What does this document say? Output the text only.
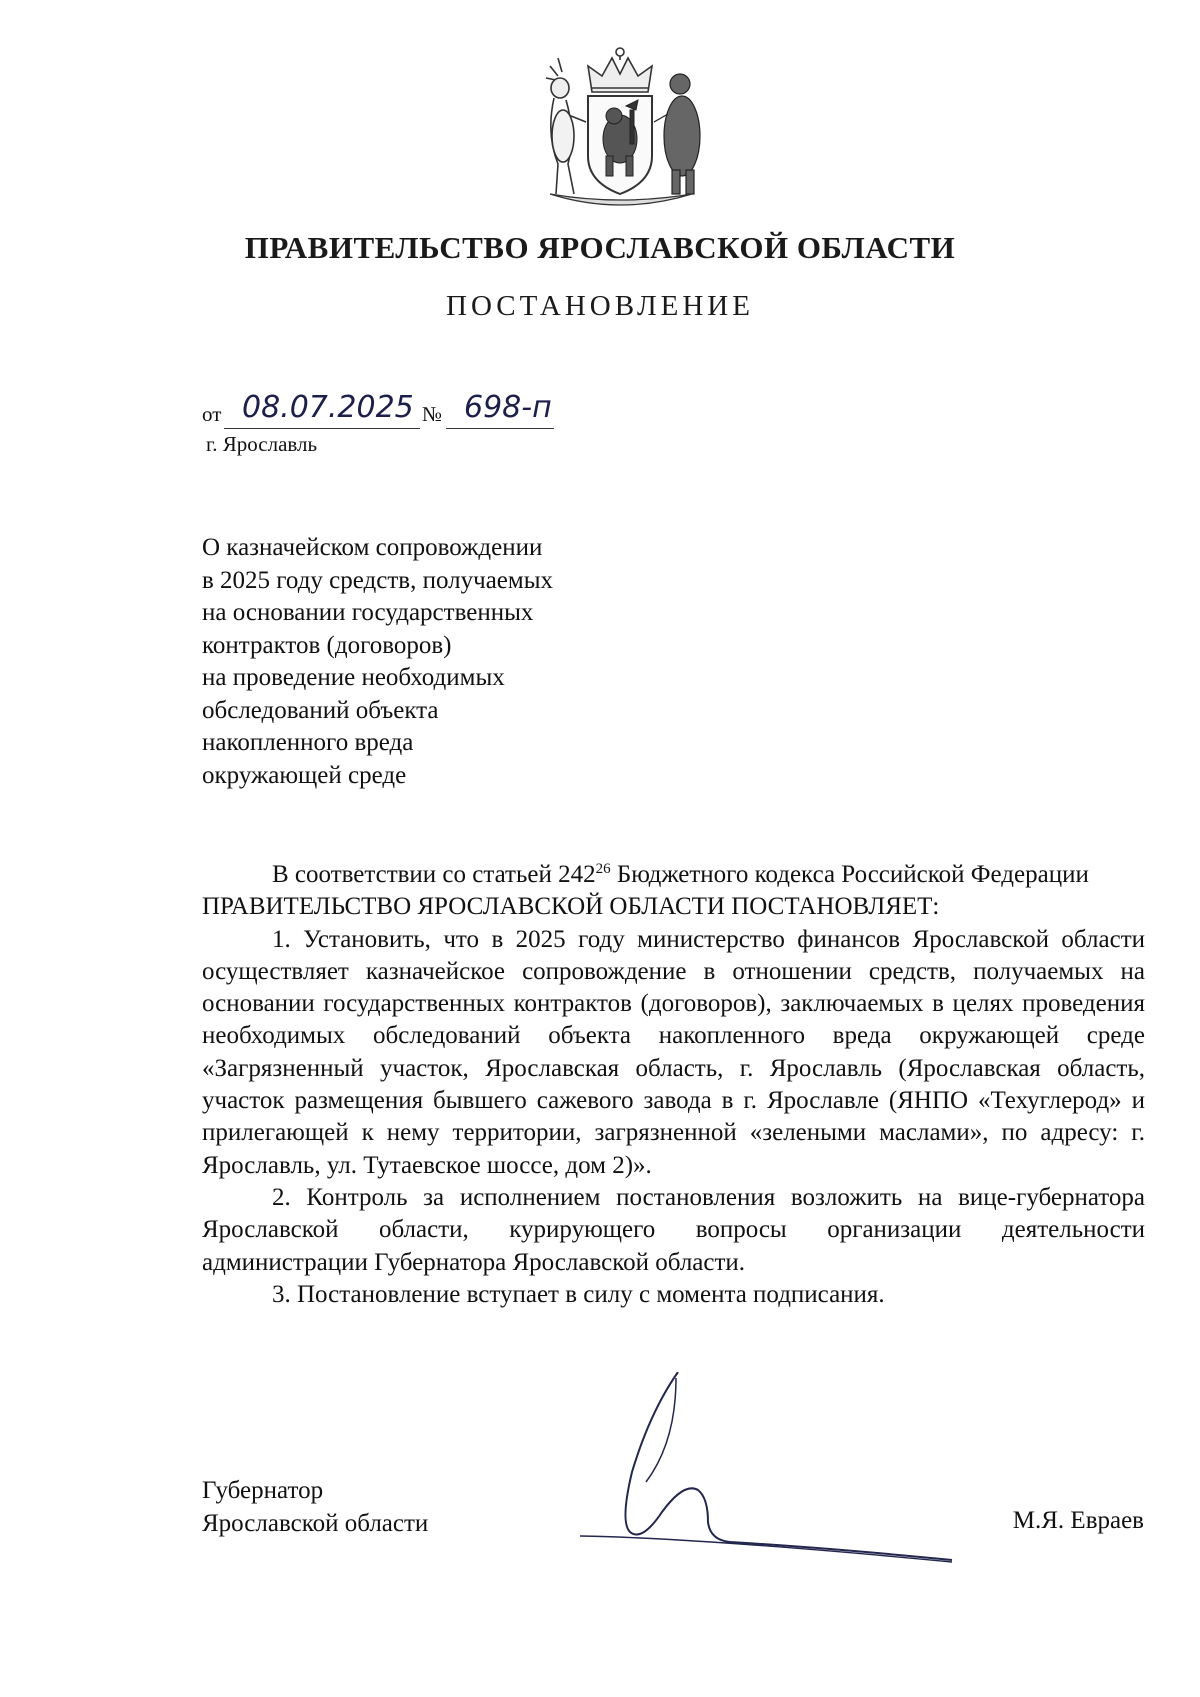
ПРАВИТЕЛЬСТВО ЯРОСЛАВСКОЙ ОБЛАСТИ
ПОСТАНОВЛЕНИЕ
от 08.07.2025 № 698-п
г. Ярославль
О казначейском сопровождении
в 2025 году средств, получаемых
на основании государственных
контрактов (договоров)
на проведение необходимых
обследований объекта
накопленного вреда
окружающей среде

В соответствии со статьей $242^{26}$ Бюджетного кодекса Российской Федерации

ПРАВИТЕЛЬСТВО ЯРОСЛАВСКОЙ ОБЛАСТИ ПОСТАНОВЛЯЕТ:

1. Установить, что в 2025 году министерство финансов Ярославской области осуществляет казначейское сопровождение в отношении средств, получаемых на основании государственных контрактов (договоров), заключаемых в целях проведения необходимых обследований объекта накопленного вреда окружающей среде «Загрязненный участок, Ярославская область, г. Ярославль (Ярославская область, участок размещения бывшего сажевого завода в г. Ярославле (ЯНПО «Техуглерод» и прилегающей к нему территории, загрязненной «зелеными маслами», по адресу: г. Ярославль, ул. Тутаевское шоссе, дом 2)».

2. Контроль за исполнением постановления возложить на вице-губернатора Ярославской области, курирующего вопросы организации деятельности администрации Губернатора Ярославской области.

3. Постановление вступает в силу с момента подписания.

Губернатор
Ярославской области	М.Я. Евраев
